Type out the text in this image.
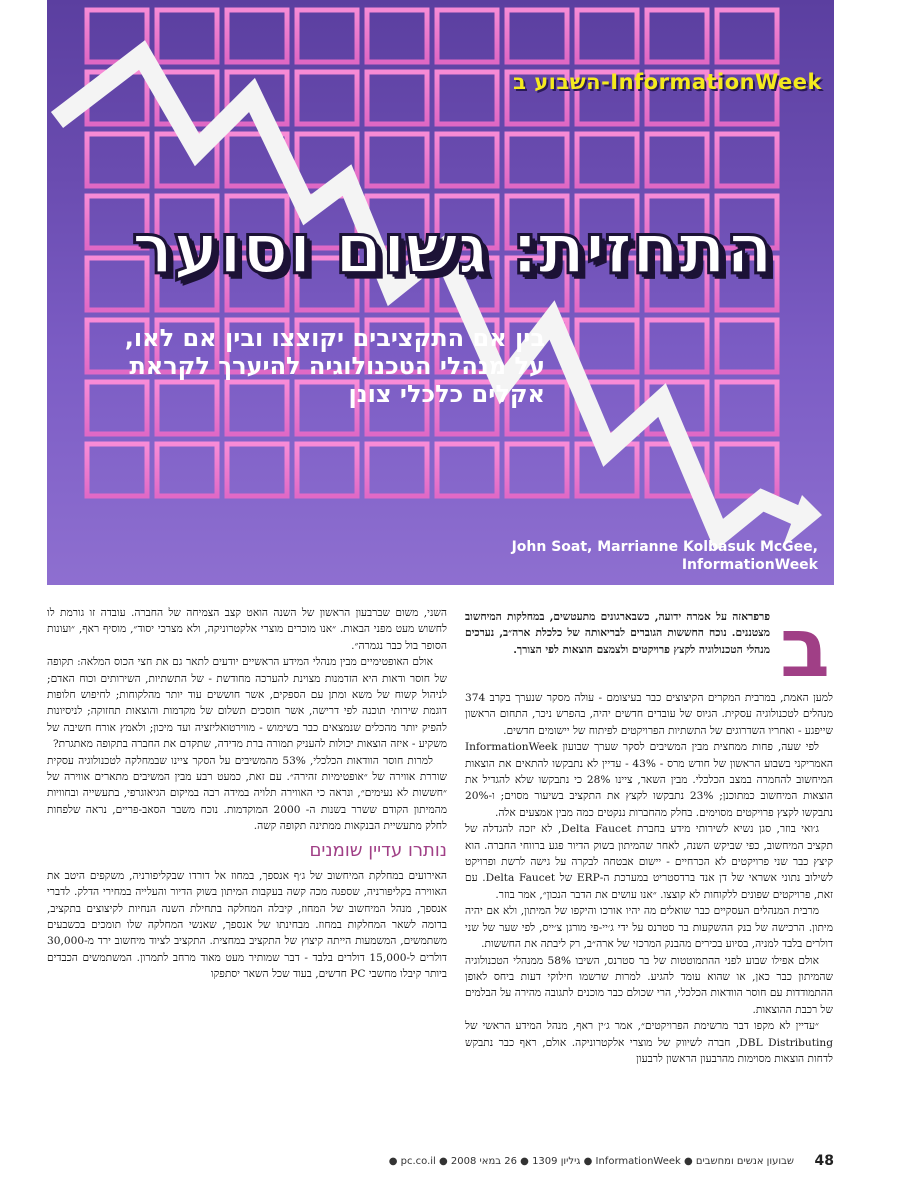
השבוע ב-InformationWeek
התחזית: גשום וסוער
בין אם התקציבים יקוצצו ובין אם לאו, על מנהלי הטכנולוגיה להיערך לקראת אקלים כלכלי צונן
John Soat, Marrianne Kolbasuk McGee,
InformationWeek
ב
פרפראזה על אמרה ידועה, כשבארגונים מתעטשים, במחלקות המיחשוב מצטננים. נוכח החששות הגוברים לבריאותה של כלכלת ארה״ב, נערכים מנהלי הטכנולוגיה לקצץ פרויקטים ולצמצם הוצאות לפי הצורך.

למען האמת, במרבית המקרים הקיצוצים כבר בעיצומם - עולה מסקר שנערך בקרב 374 מנהלים לטכנולוגיה עסקית. הגיוס של עובדים חדשים יהיה, בהפרש ניכר, התחום הראשון שייפגע - ואחריו השדרוגים של התשתיות הפרויקטים לפיתוח של יישומים חדשים.

לפי שעה, פחות ממחצית מבין המשיבים לסקר שערך שבועון InformationWeek האמריקני בשבוע הראשון של חודש מרס - 43% - עדיין לא נתבקשו להתאים את הוצאות המיחשוב להחמרה במצב הכלכלי. מבין השאר, ציינו 28% כי נתבקשו שלא להגדיל את הוצאות המיחשוב כמתוכנן; 23% נתבקשו לקצץ את התקציב בשיעור מסוים; ו-20% נתבקשו לקצץ פרויקטים מסוימים. בחלק מהחברות ננקטים כמה מבין אמצעים אלה.

ג׳ואי בוזר, סגן נשיא לשירותי מידע בחברת Delta Faucet, לא יזכה להגדלה של תקציב המיחשוב, כפי שביקש השנה, לאחר שהמיתון בשוק הדיור פגע ברווחי החברה. הוא קיצץ כבר שני פרויקטים לא הכרחיים - יישום אבטחה לבקרה על גישה לרשת ופרויקט לשילוב נתוני אשראי של דן אנד ברדסטריט במערכת ה-ERP של Delta Faucet. עם זאת, פרויקטים שפונים ללקוחות לא קוצצו. ״אנו עושים את הדבר הנכון״, אמר בוזר.

מרבית המנהלים העסקיים כבר שואלים מה יהיו אורכו והיקפו של המיתון, ולא אם יהיה מיתון. הרכישה של בנק ההשקעות בר סטרנס על ידי ג׳יי-פי מורגן צ׳ייס, לפי שער של שני דולרים בלבד למניה, בסיוע בכירים מהבנק המרכזי של ארה״ב, רק ליבתה את החששות.

אולם אפילו שבוע לפני ההתמוטטות של בר סטרנס, השיבו 58% ממנהלי הטכנולוגיה שהמיתון כבר כאן, או שהוא עומד להגיע. למרות שרשמו חילוקי דעות ביחס לאופן ההתמודדות עם חוסר הוודאות הכלכלי, הרי שכולם כבר מוכנים לתגובה מהירה על הבלמים של רכבת ההוצאות.

״עדיין לא מקפו דבר מרשימת הפרויקטים״, אמר ג׳ין ראף, מנהל המידע הראשי של DBL Distributing, חברה לשיווק של מוצרי אלקטרוניקה. אולם, ראף כבר נתבקש לדחות הוצאות מסוימות מהרבעון הראשון לרבעון

השני, משום שברבעון הראשון של השנה הואט קצב הצמיחה של החברה. עובדה זו גורמת לו לחשוש מעט מפני הבאות. ״אנו מוכרים מוצרי אלקטרוניקה, ולא מצרכי יסוד״, מוסיף ראף, ״ועונות הסופר בול כבר נגמרה״.

אולם האופטימיים מבין מנהלי המידע הראשיים יודעים לתאר גם את חצי הכוס המלאה: תקופה של חוסר ודאות היא הזדמנות מצוינת להערכה מחודשת - של התשתיות, השירותים וכוח האדם; לניהול קשוח של משא ומתן עם הספקים, אשר חוששים עוד יותר מהלקוחות; לחיפוש חלופות דוגמת שירותי תוכנה לפי דרישה, אשר חוסכים תשלום של מקדמות והוצאות תחזוקה; לניסיונות להפיק יותר מהכלים שנמצאים כבר בשימוש - מווירטואליזציה ועד מיכון; ולאמץ אורח חשיבה של משקיע - איזה הוצאות יכולות להעניק תמורה ברת מדידה, שתקדם את החברה בתקופה מאתגרת?

למרות חוסר הוודאות הכלכלי, 53% מהמשיבים על הסקר ציינו שבמחלקה לטכנולוגיה עסקית שוררת אווירה של ״אופטימיות זהירה״. עם זאת, כמעט רבע מבין המשיבים מתארים אווירה של ״חששות לא נעימים״, ונראה כי האווירה תלויה במידה רבה במיקום הגיאוגרפי, בתעשייה ובחוויות מהמיתון הקודם ששרר בשנות ה- 2000 המוקדמות. נוכח משבר הסאב-פריים, נראה שלפחות לחלק מתעשיית הבנקאות ממתינה תקופה קשה.

נותרו עדיין שומנים

האירועים במחלקת המיחשוב של ג׳ף אנספך, במחוז אל דורדו שבקליפורניה, משקפים היטב את האווירה בקליפורניה, שספגה מכה קשה בעקבות המיתון בשוק הדיור והעלייה במחירי הדלק. לדברי אנספך, מנהל המיחשוב של המחוז, קיבלה המחלקה בתחילת השנה הנחיות לקיצוצים בתקציב, בדומה לשאר המחלקות במחוז. מבחינתו של אנספך, שאנשי המחלקה שלו תומכים בכשבעים משתמשים, המשמעות הייתה קיצוץ של התקציב במחצית. התקציב לציוד מיחשוב ירד מ-30,000 דולרים ל-15,000 דולרים בלבד - דבר שמותיר מעט מאוד מרחב לתמרון. המשתמשים הכבדים ביותר קיבלו מחשבי PC חדשים, בעוד שכל השאר יסתפקו

48
שבועון אנשים ומחשבים ● InformationWeek ● גיליון 1309 ● 26 במאי 2008 ● pc.co.il ●
